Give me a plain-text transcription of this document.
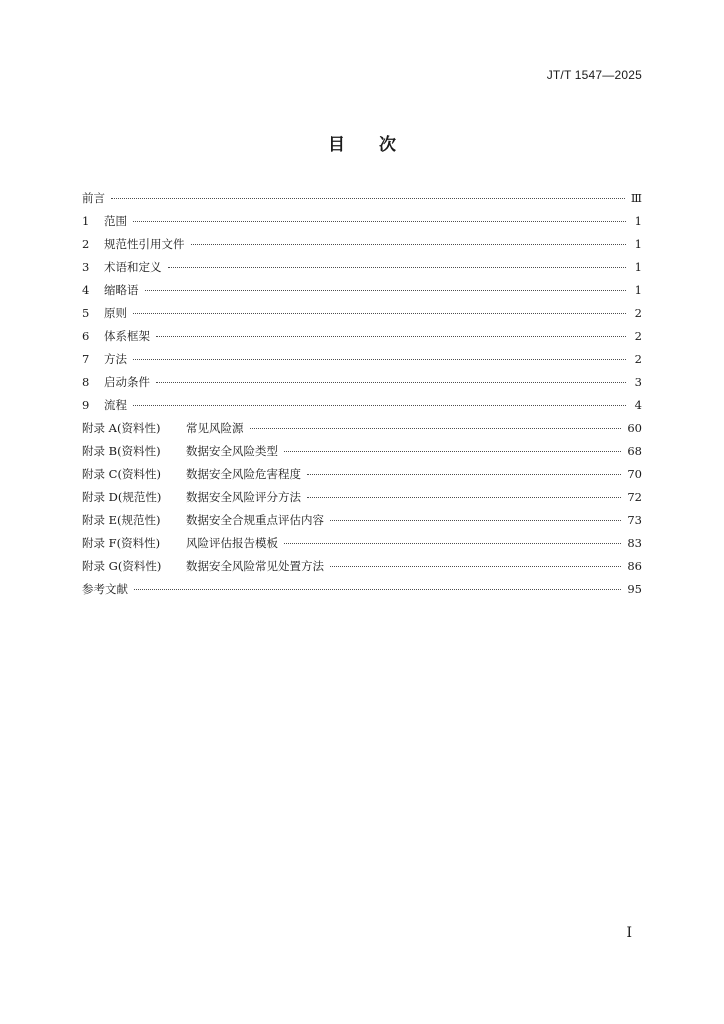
JT/T 1547—2025
目次
前言	Ⅲ
1	范围	1
2	规范性引用文件	1
3	术语和定义	1
4	缩略语	1
5	原则	2
6	体系框架	2
7	方法	2
8	启动条件	3
9	流程	4
附录 A(资料性)	常见风险源	60
附录 B(资料性)	数据安全风险类型	68
附录 C(资料性)	数据安全风险危害程度	70
附录 D(规范性)	数据安全风险评分方法	72
附录 E(规范性)	数据安全合规重点评估内容	73
附录 F(资料性)	风险评估报告模板	83
附录 G(资料性)	数据安全风险常见处置方法	86
参考文献	95
Ⅰ
